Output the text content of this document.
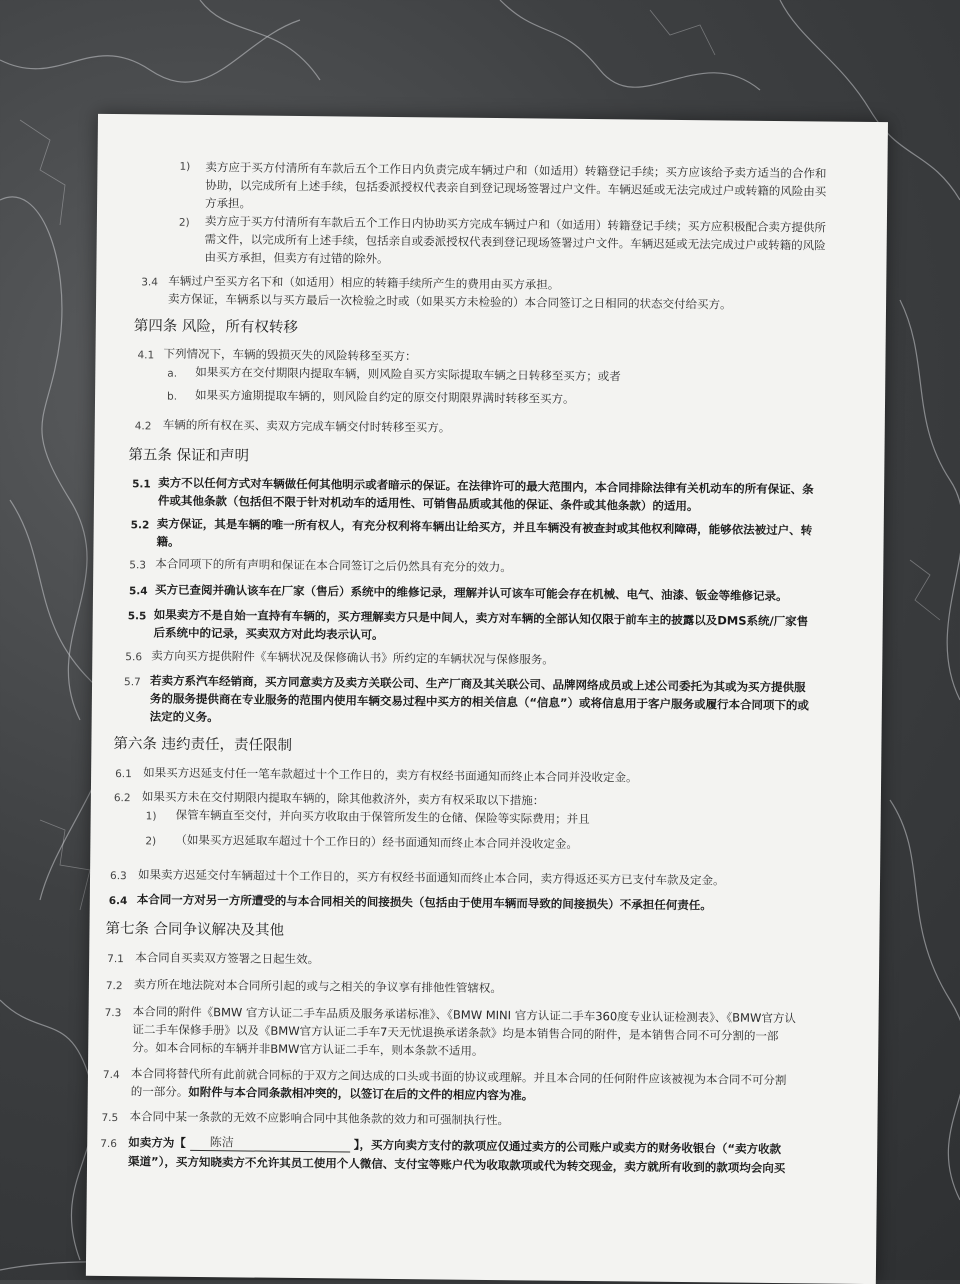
1) 卖方应于买方付清所有车款后五个工作日内负责完成车辆过户和（如适用）转籍登记手续；买方应该给予卖方适当的合作和
协助，以完成所有上述手续，包括委派授权代表亲自到登记现场签署过户文件。车辆迟延或无法完成过户或转籍的风险由买
方承担。
2) 卖方应于买方付清所有车款后五个工作日内协助买方完成车辆过户和（如适用）转籍登记手续；买方应积极配合卖方提供所
需文件，以完成所有上述手续，包括亲自或委派授权代表到登记现场签署过户文件。车辆迟延或无法完成过户或转籍的风险
由买方承担，但卖方有过错的除外。
3.4 车辆过户至买方名下和（如适用）相应的转籍手续所产生的费用由买方承担。
卖方保证，车辆系以与买方最后一次检验之时或（如果买方未检验的）本合同签订之日相同的状态交付给买方。
第四条 风险，所有权转移
4.1 下列情况下，车辆的毁损灭失的风险转移至买方：
a. 如果买方在交付期限内提取车辆，则风险自买方实际提取车辆之日转移至买方；或者
b. 如果买方逾期提取车辆的，则风险自约定的原交付期限界满时转移至买方。
4.2 车辆的所有权在买、卖双方完成车辆交付时转移至买方。
第五条 保证和声明
5.1 卖方不以任何方式对车辆做任何其他明示或者暗示的保证。在法律许可的最大范围内，本合同排除法律有关机动车的所有保证、条
件或其他条款（包括但不限于针对机动车的适用性、可销售品质或其他的保证、条件或其他条款）的适用。
5.2 卖方保证，其是车辆的唯一所有权人，有充分权利将车辆出让给买方，并且车辆没有被查封或其他权利障碍，能够依法被过户、转
籍。
5.3 本合同项下的所有声明和保证在本合同签订之后仍然具有充分的效力。
5.4 买方已查阅并确认该车在厂家（售后）系统中的维修记录，理解并认可该车可能会存在机械、电气、油漆、钣金等维修记录。
5.5 如果卖方不是自始一直持有车辆的，买方理解卖方只是中间人，卖方对车辆的全部认知仅限于前车主的披露以及DMS系统/厂家售
后系统中的记录，买卖双方对此均表示认可。
5.6 卖方向买方提供附件《车辆状况及保修确认书》所约定的车辆状况与保修服务。
5.7 若卖方系汽车经销商，买方同意卖方及卖方关联公司、生产厂商及其关联公司、品牌网络成员或上述公司委托为其或为买方提供服
务的服务提供商在专业服务的范围内使用车辆交易过程中买方的相关信息（“信息”）或将信息用于客户服务或履行本合同项下的或
法定的义务。
第六条 违约责任，责任限制
6.1 如果买方迟延支付任一笔车款超过十个工作日的，卖方有权经书面通知而终止本合同并没收定金。
6.2 如果买方未在交付期限内提取车辆的，除其他救济外，卖方有权采取以下措施：
1) 保管车辆直至交付，并向买方收取由于保管所发生的仓储、保险等实际费用；并且
2) （如果买方迟延取车超过十个工作日的）经书面通知而终止本合同并没收定金。
6.3 如果卖方迟延交付车辆超过十个工作日的，买方有权经书面通知而终止本合同，卖方得返还买方已支付车款及定金。
6.4 本合同一方对另一方所遭受的与本合同相关的间接损失（包括由于使用车辆而导致的间接损失）不承担任何责任。
第七条 合同争议解决及其他
7.1 本合同自买卖双方签署之日起生效。
7.2 卖方所在地法院对本合同所引起的或与之相关的争议享有排他性管辖权。
7.3 本合同的附件《BMW 官方认证二手车品质及服务承诺标准》、《BMW MINI 官方认证二手车360度专业认证检测表》、《BMW官方认
证二手车保修手册》以及《BMW官方认证二手车7天无忧退换承诺条款》均是本销售合同的附件，是本销售合同不可分割的一部
分。如本合同标的车辆并非BMW官方认证二手车，则本条款不适用。
7.4 本合同将替代所有此前就合同标的于双方之间达成的口头或书面的协议或理解。并且本合同的任何附件应该被视为本合同不可分割
的一部分。如附件与本合同条款相冲突的，以签订在后的文件的相应内容为准。
7.5 本合同中某一条款的无效不应影响合同中其他条款的效力和可强制执行性。
7.6 如卖方为【 陈洁	】，买方向卖方支付的款项应仅通过卖方的公司账户或卖方的财务收银台（“卖方收款
渠道”），买方知晓卖方不允许其员工使用个人微信、支付宝等账户代为收取款项或代为转交现金，卖方就所有收到的款项均会向买
